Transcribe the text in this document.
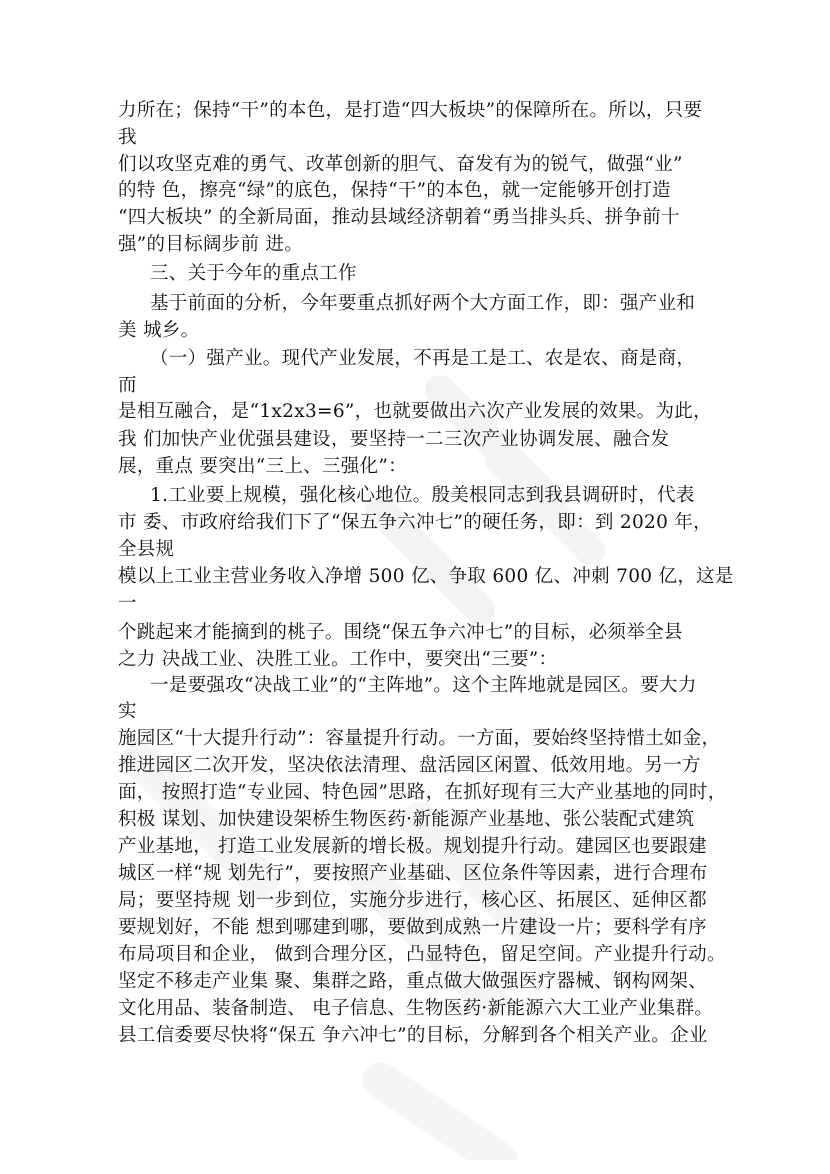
力所在；保持“干”的本色，是打造“四大板块”的保障所在。所以，只要
我
们以攻坚克难的勇气、改革创新的胆气、奋发有为的锐气，做强“业”
的特 色，擦亮“绿”的底色，保持“干”的本色，就一定能够开创打造
“四大板块” 的全新局面，推动县域经济朝着“勇当排头兵、拼争前十
强”的目标阔步前 进。
三、关于今年的重点工作
基于前面的分析，今年要重点抓好两个大方面工作，即：强产业和
美 城乡。
（一）强产业。现代产业发展，不再是工是工、农是农、商是商，
而
是相互融合，是“1x2x3=6”，也就要做出六次产业发展的效果。为此，
我 们加快产业优强县建设，要坚持一二三次产业协调发展、融合发
展，重点 要突出“三上、三强化”：
1.工业要上规模，强化核心地位。殷美根同志到我县调研时，代表
市 委、市政府给我们下了“保五争六冲七”的硬任务，即：到 2020 年，
全县规
模以上工业主营业务收入净增 500 亿、争取 600 亿、冲刺 700 亿，这是
一
个跳起来才能摘到的桃子。围绕“保五争六冲七”的目标，必须举全县
之力 决战工业、决胜工业。工作中，要突出“三要”：
一是要强攻“决战工业”的“主阵地”。这个主阵地就是园区。要大力
实
施园区“十大提升行动”：容量提升行动。一方面，要始终坚持惜土如金，
推进园区二次开发，坚决依法清理、盘活园区闲置、低效用地。另一方
面， 按照打造“专业园、特色园”思路，在抓好现有三大产业基地的同时，
积极 谋划、加快建设架桥生物医药·新能源产业基地、张公装配式建筑
产业基地， 打造工业发展新的增长极。规划提升行动。建园区也要跟建
城区一样“规 划先行”，要按照产业基础、区位条件等因素，进行合理布
局；要坚持规 划一步到位，实施分步进行，核心区、拓展区、延伸区都
要规划好，不能 想到哪建到哪，要做到成熟一片建设一片；要科学有序
布局项目和企业， 做到合理分区，凸显特色，留足空间。产业提升行动。
坚定不移走产业集 聚、集群之路，重点做大做强医疗器械、钢构网架、
文化用品、装备制造、 电子信息、生物医药·新能源六大工业产业集群。
县工信委要尽快将“保五 争六冲七”的目标，分解到各个相关产业。企业
